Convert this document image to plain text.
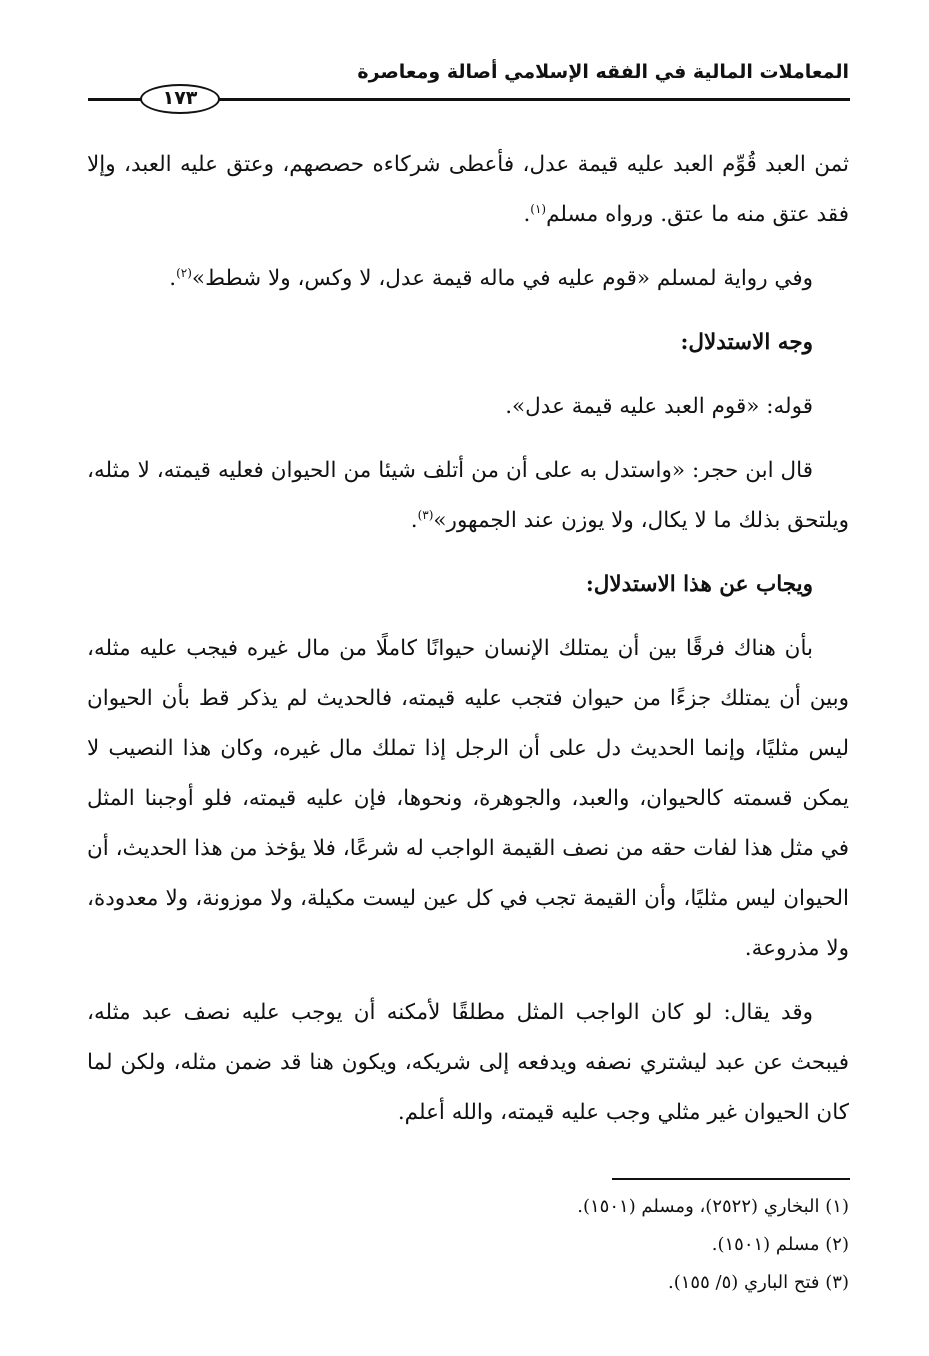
المعاملات المالية في الفقه الإسلامي أصالة ومعاصرة
١٧٣

ثمن العبد قُوِّم العبد عليه قيمة عدل، فأعطى شركاءه حصصهم، وعتق عليه العبد، وإلا فقد عتق منه ما عتق. ورواه مسلم$^{(١)}$.

وفي رواية لمسلم «قوم عليه في ماله قيمة عدل، لا وكس، ولا شطط»$^{(٢)}$.

وجه الاستدلال:

قوله: «قوم العبد عليه قيمة عدل».

قال ابن حجر: «واستدل به على أن من أتلف شيئا من الحيوان فعليه قيمته، لا مثله، ويلتحق بذلك ما لا يكال، ولا يوزن عند الجمهور»$^{(٣)}$.

ويجاب عن هذا الاستدلال:

بأن هناك فرقًا بين أن يمتلك الإنسان حيوانًا كاملًا من مال غيره فيجب عليه مثله، وبين أن يمتلك جزءًا من حيوان فتجب عليه قيمته، فالحديث لم يذكر قط بأن الحيوان ليس مثليًا، وإنما الحديث دل على أن الرجل إذا تملك مال غيره، وكان هذا النصيب لا يمكن قسمته كالحيوان، والعبد، والجوهرة، ونحوها، فإن عليه قيمته، فلو أوجبنا المثل في مثل هذا لفات حقه من نصف القيمة الواجب له شرعًا، فلا يؤخذ من هذا الحديث، أن الحيوان ليس مثليًا، وأن القيمة تجب في كل عين ليست مكيلة، ولا موزونة، ولا معدودة، ولا مذروعة.

وقد يقال: لو كان الواجب المثل مطلقًا لأمكنه أن يوجب عليه نصف عبد مثله، فيبحث عن عبد ليشتري نصفه ويدفعه إلى شريكه، ويكون هنا قد ضمن مثله، ولكن لما كان الحيوان غير مثلي وجب عليه قيمته، والله أعلم.

(١) البخاري (٢٥٢٢)، ومسلم (١٥٠١).

(٢) مسلم (١٥٠١).

(٣) فتح الباري (٥/ ١٥٥).
